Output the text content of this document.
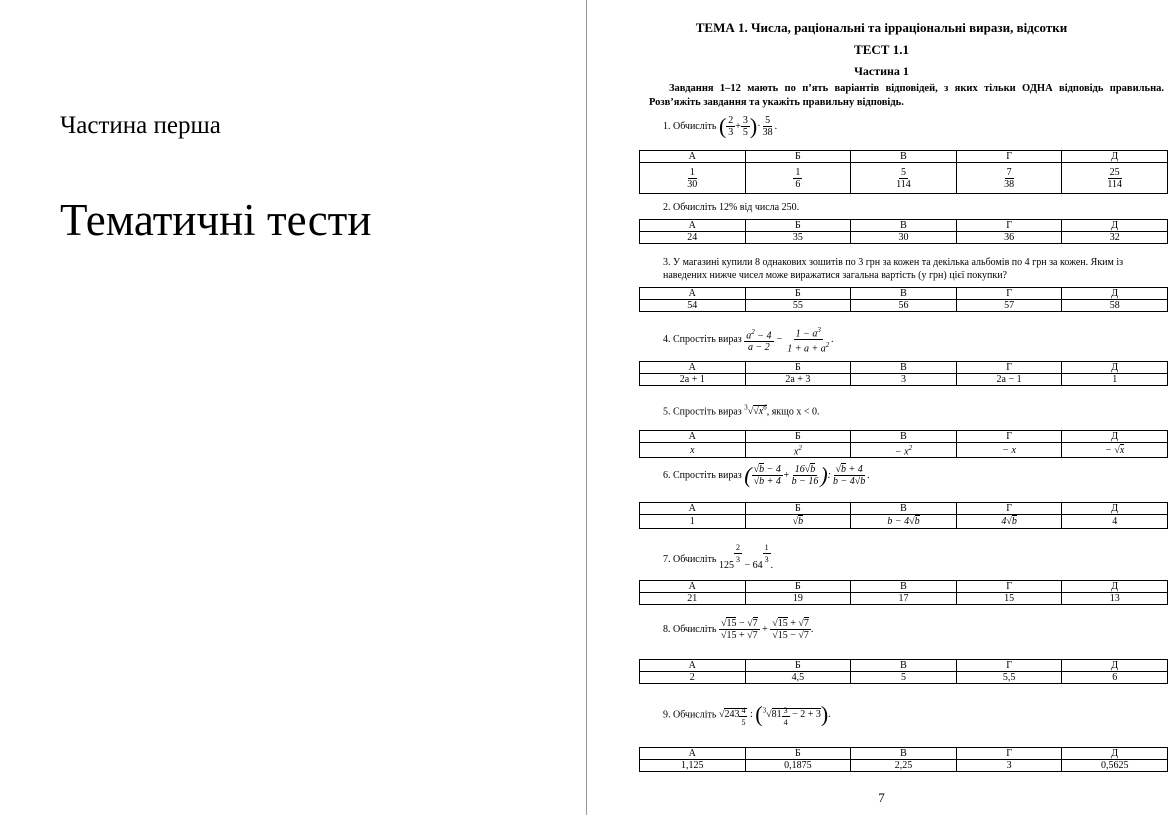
Частина перша
Тематичні тести
ТЕМА 1. Числа, раціональні та ірраціональні вирази, відсотки
ТЕСТ 1.1
Частина 1
Завдання 1–12 мають по п’ять варіантів відповідей, з яких тільки ОДНА відповідь правильна. Розв’яжіть завдання та укажіть правильну відповідь.
1. Обчисліть ( $\frac{2}{3} + \frac{3}{5}$ )· $\frac{5}{38}$ .
А	Б	В	Г	Д

$\frac{1}{30}$	$\frac{1}{6}$	$\frac{5}{114}$	$\frac{7}{38}$	$\frac{25}{114}$
2. Обчисліть 12% від числа 250.
А	Б	В	Г	Д
24	35	30	36	32
3. У магазині купили 8 однакових зошитів по 3 грн за кожен та декілька альбомів по 4 грн за кожен. Яким із наведених нижче чисел може виражатися загальна вартість (у грн) цієї покупки?
А	Б	В	Г	Д
54	55	56	57	58
4. Спростіть вираз $\frac{a^2 - 4}{a - 2} - \frac{1 - a^3}{1 + a + a^2}$ .
А	Б	В	Г	Д
2a + 1	2a + 3	3	2a − 1	1
5. Спростіть вираз $^3√√x^6$, якщо x < 0.
А	Б	В	Г	Д
x	$x^2$	− $x^2$	− x	− √x
6. Спростіть вираз ( $\frac{√b - 4}{√b + 4} + \frac{16√b}{b - 16}$ ): $\frac{√b + 4}{b - 4√b}$ .
А	Б	В	Г	Д
1	√b	b − 4√b	4√b	4
7. Обчисліть 125
$\frac{2}{3}$
− 64
$\frac{1}{3}$
.
А	Б	В	Г	Д
21	19	17	15	13
8. Обчисліть $\frac{√15 - √7}{√15 + √7} + \frac{√15 + √7}{√15 - √7}$ .
А	Б	В	Г	Д
2	4,5	5	5,5	6
9. Обчисліть $√243 \frac{4}{5}$ : $(^3√81 \frac{3}{4} - 2 + 3)$.
А	Б	В	Г	Д
1,125	0,1875	2,25	3	0,5625
7
